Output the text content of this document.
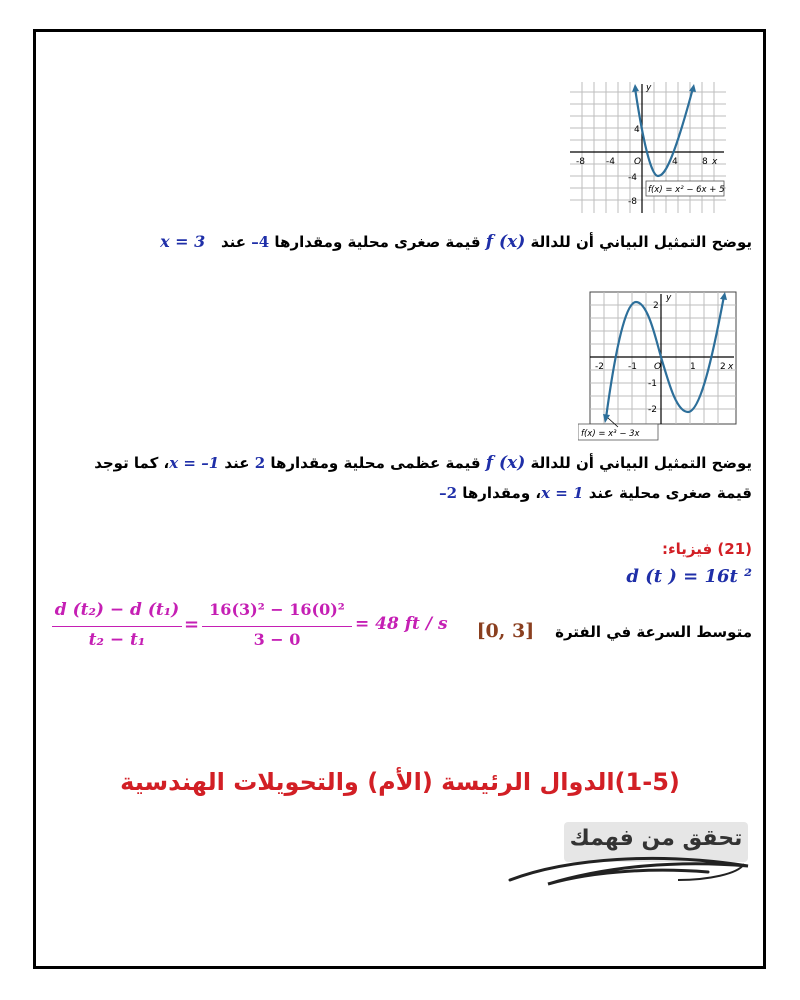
-8 -4 O	4	8 x
y
4
-4
-8
f(x) = x² − 6x + 5
يوضح التمثيل البياني أن للدالة f (x) قيمة صغرى محلية ومقدارها 4– عند   x = 3
-2	-1 O	1	2 x
y
2
-1
-2
f(x) = x³ − 3x
يوضح التمثيل البياني أن للدالة f (x) قيمة عظمى محلية ومقدارها 2 عند x = –1، كما توجد
قيمة صغرى محلية عند x = 1، ومقدارها 2–
(21) فيزياء:
d (t ) = 16t ²
متوسط السرعة في الفترة    [0, 3]
d (t₂) − d (t₁)
t₂ − t₁
=
16(3)² − 16(0)²
3 − 0
= 48 ft / s
(1-5)الدوال الرئيسة (الأم) والتحويلات الهندسية
تحقق من فهمك
